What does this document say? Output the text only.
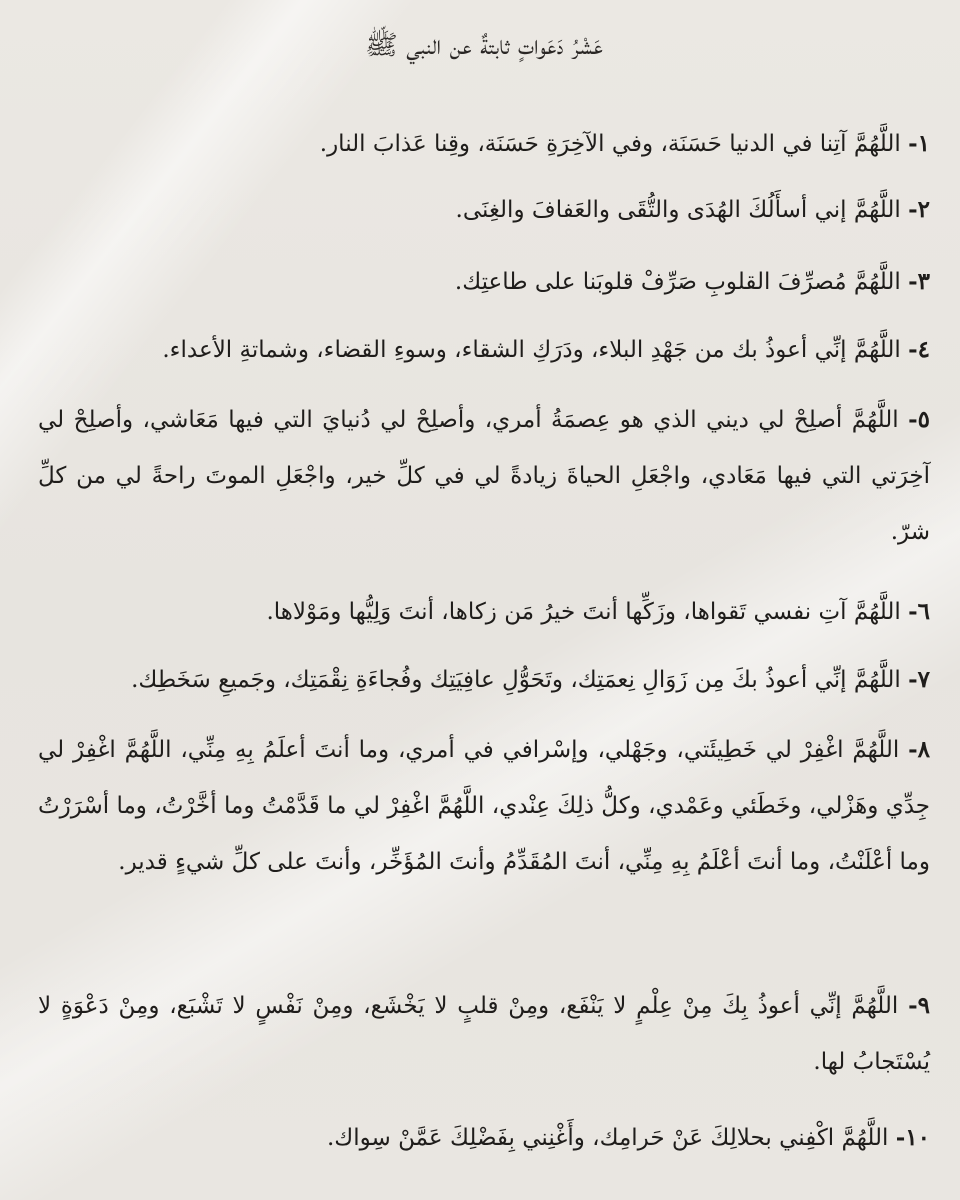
عَشْرُ دَعَواتٍ ثابتةٌ عن النبي ﷺ
١- اللَّهُمَّ آتِنا في الدنيا حَسَنَة، وفي الآخِرَةِ حَسَنَة، وقِنا عَذابَ النار.
٢- اللَّهُمَّ إني أسأَلُكَ الهُدَى والتُّقَى والعَفافَ والغِنَى.
٣- اللَّهُمَّ مُصرِّفَ القلوبِ صَرِّفْ قلوبَنا على طاعتِك.
٤- اللَّهُمَّ إنِّي أعوذُ بك من جَهْدِ البلاء، ودَرَكِ الشقاء، وسوءِ القضاء، وشماتةِ الأعداء.
٥- اللَّهُمَّ أصلِحْ لي ديني الذي هو عِصمَةُ أمري، وأصلِحْ لي دُنيايَ التي فيها مَعَاشي، وأصلِحْ لي آخِرَتي التي فيها مَعَادي، واجْعَلِ الحياةَ زيادةً لي في كلِّ خير، واجْعَلِ الموتَ راحةً لي من كلِّ شرّ.
٦- اللَّهُمَّ آتِ نفسي تَقواها، وزَكِّها أنتَ خيرُ مَن زكاها، أنتَ وَلِيُّها ومَوْلاها.
٧- اللَّهُمَّ إنِّي أعوذُ بكَ مِن زَوَالِ نِعمَتِك، وتَحَوُّلِ عافِيَتِك وفُجاءَةِ نِقْمَتِك، وجَميعِ سَخَطِك.
٨- اللَّهُمَّ اغْفِرْ لي خَطِيئَتي، وجَهْلي، وإسْرافي في أمري، وما أنتَ أعلَمُ بِهِ مِنِّي، اللَّهُمَّ اغْفِرْ لي جِدِّي وهَزْلي، وخَطَئي وعَمْدي، وكلُّ ذلِكَ عِنْدي، اللَّهُمَّ اغْفِرْ لي ما قَدَّمْتُ وما أخَّرْتُ، وما أسْرَرْتُ وما أعْلَنْتُ، وما أنتَ أعْلَمُ بِهِ مِنِّي، أنتَ المُقَدِّمُ وأنتَ المُؤَخِّر، وأنتَ على كلِّ شيءٍ قدير.
٩- اللَّهُمَّ إنِّي أعوذُ بِكَ مِنْ عِلْمٍ لا يَنْفَع، ومِنْ قلبٍ لا يَخْشَع، ومِنْ نَفْسٍ لا تَشْبَع، ومِنْ دَعْوَةٍ لا يُسْتَجابُ لها.
١٠- اللَّهُمَّ اكْفِني بحلالِكَ عَنْ حَرامِك، وأَغْنِني بِفَضْلِكَ عَمَّنْ سِواك.
